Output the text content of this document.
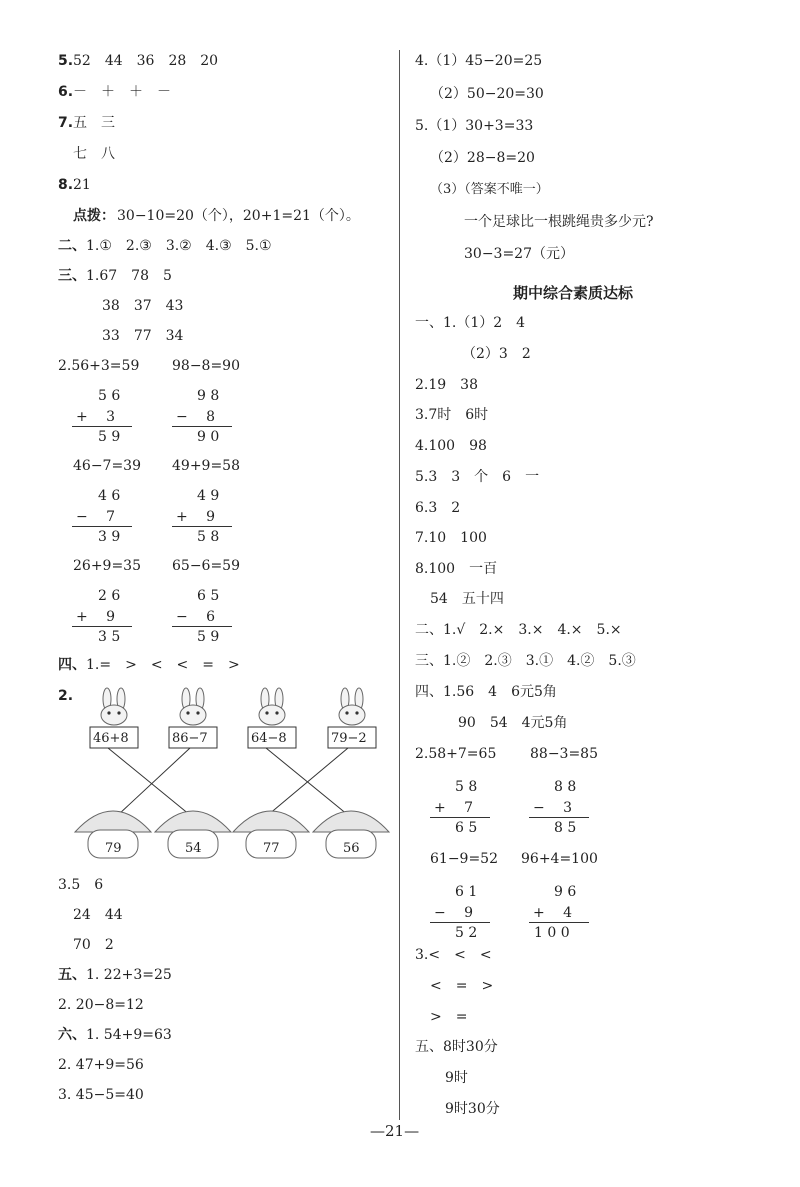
5. 52　44　36　28　20
6. －　＋　＋　－
7. 五　三
七　八
8. 21
点拨： 30−10=20（个），20+1=21（个）。
二、 1.①　2.③　3.②　4.③　5.①
三、 1.67　78　5
38　37　43
33　77　34
2.56+3=59 98−8=90
5 6
+　 3
5 9
9 8
−　 8
9 0
46−7=39 49+9=58
4 6
−　 7
3 9
4 9
+　 9
5 8
26+9=35 65−6=59
2 6
+　 9
3 5
6 5
−　 6
5 9
四、 1.=　>　<　<　=　>
2.
46+8	86−7	64−8	79−2
79	54	77	56
3.5　6
24　44
70　2
五、 1. 22+3=25
2. 20−8=12
六、 1. 54+9=63
2. 47+9=56
3. 45−5=40
4.（1）45−20=25
（2）50−20=30
5.（1）30+3=33
（2）28−8=20
（3）（答案不唯一）
一个足球比一根跳绳贵多少元?
30−3=27（元）
期中综合素质达标
一、1.（1）2　4
（2）3　2
2.19　38
3.7时　6时
4.100　98
5.3　3　个　6　一
6.3　2
7.10　100
8.100　一百
54　五十四
二、1.√　2.×　3.×　4.×　5.×
三、1.②　2.③　3.①　4.②　5.③
四、1.56　4　6元5角
90　54　4元5角
2.58+7=65 88−3=85
5 8
+　 7
6 5
8 8
−　 3
8 5
61−9=52 96+4=100
6 1
−　 9
5 2
9 6
+　 4
1 0 0
3.<　<　<
<　=　>
>　=
五、8时30分
9时
9时30分
—21—
